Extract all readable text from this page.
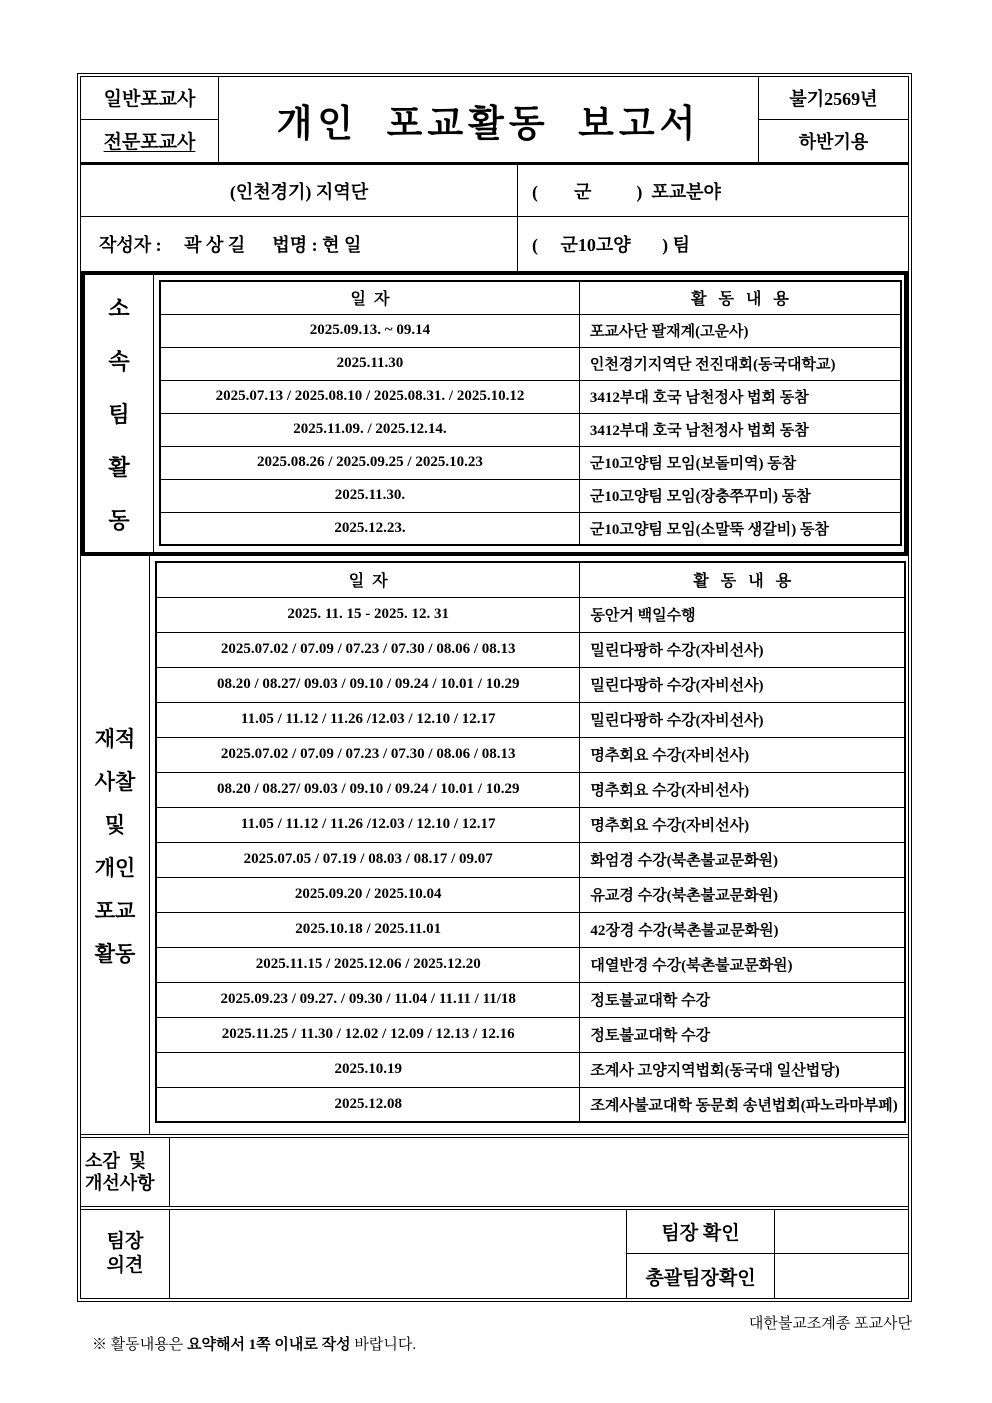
일반포교사
전문포교사	개인  포교활동  보고서
불기2569년
하반기용
(인천경기) 지역단	(        군          )  포교분야
작성자 :     곽 상 길      법명 : 현 일	(     군10고양       ) 팀
소
속
팀
활
동
일  자	활   동   내   용
2025.09.13. ~ 09.14	포교사단 팔재계(고운사)
2025.11.30	인천경기지역단 전진대회(동국대학교)
2025.07.13 / 2025.08.10 / 2025.08.31. / 2025.10.12	3412부대 호국 남천정사 법회 동참
2025.11.09. / 2025.12.14.	3412부대 호국 남천정사 법회 동참
2025.08.26 / 2025.09.25 / 2025.10.23	군10고양팀 모임(보돌미역) 동참
2025.11.30.	군10고양팀 모임(장충쭈꾸미) 동참
2025.12.23.	군10고양팀 모임(소말뚝 생갈비) 동참
재적
사찰
및
개인
포교
활동
일  자	활   동   내   용
2025. 11. 15 - 2025. 12. 31	동안거 백일수행
2025.07.02 / 07.09 / 07.23 / 07.30 / 08.06 / 08.13	밀린다팡하 수강(자비선사)
08.20 / 08.27/ 09.03 / 09.10 / 09.24 / 10.01 / 10.29	밀린다팡하 수강(자비선사)
11.05 / 11.12 / 11.26 /12.03 / 12.10 / 12.17	밀린다팡하 수강(자비선사)
2025.07.02 / 07.09 / 07.23 / 07.30 / 08.06 / 08.13	명추회요 수강(자비선사)
08.20 / 08.27/ 09.03 / 09.10 / 09.24 / 10.01 / 10.29	명추회요 수강(자비선사)
11.05 / 11.12 / 11.26 /12.03 / 12.10 / 12.17	명추회요 수강(자비선사)
2025.07.05 / 07.19 / 08.03 / 08.17 / 09.07	화엄경 수강(북촌불교문화원)
2025.09.20 / 2025.10.04	유교경 수강(북촌불교문화원)
2025.10.18 / 2025.11.01	42장경 수강(북촌불교문화원)
2025.11.15 / 2025.12.06 / 2025.12.20	대열반경 수강(북촌불교문화원)
2025.09.23 / 09.27. / 09.30 / 11.04 / 11.11 / 11/18	정토불교대학 수강
2025.11.25 / 11.30 / 12.02 / 12.09 / 12.13 / 12.16	정토불교대학 수강
2025.10.19	조계사 고양지역법회(동국대 일산법당)
2025.12.08	조계사불교대학 동문회 송년법회(파노라마부페)
소감  및
개선사항
팀장
의견
팀장 확인
총괄팀장확인

※ 활동내용은 요약해서 1쪽 이내로 작성 바랍니다.

대한불교조계종 포교사단
